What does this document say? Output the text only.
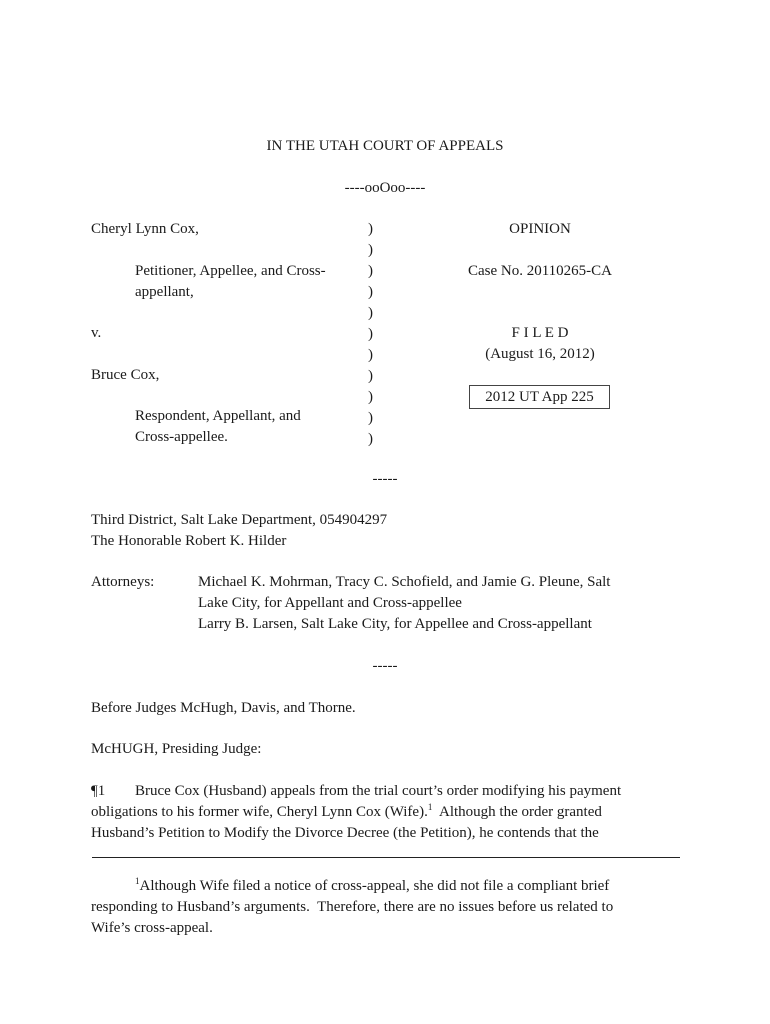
IN THE UTAH COURT OF APPEALS
----ooOoo----
Cheryl Lynn Cox,
Petitioner, Appellee, and Cross-
appellant,
v.
Bruce Cox,
Respondent, Appellant, and
Cross-appellee.
)
)
)
)
)
)
)
)
)
)
)
OPINION
Case No. 20110265-CA
F I L E D
(August 16, 2012)
2012 UT App 225
-----
Third District, Salt Lake Department, 054904297
The Honorable Robert K. Hilder
Attorneys:	Michael K. Mohrman, Tracy C. Schofield, and Jamie G. Pleune, Salt
Lake City, for Appellant and Cross-appellee
Larry B. Larsen, Salt Lake City, for Appellee and Cross-appellant
-----
Before Judges McHugh, Davis, and Thorne.
McHUGH, Presiding Judge:
¶1 Bruce Cox (Husband) appeals from the trial court’s order modifying his payment
obligations to his former wife, Cheryl Lynn Cox (Wife).$^1$  Although the order granted
Husband’s Petition to Modify the Divorce Decree (the Petition), he contends that the
$^1$Although Wife filed a notice of cross-appeal, she did not file a compliant brief
responding to Husband’s arguments.  Therefore, there are no issues before us related to
Wife’s cross-appeal.
